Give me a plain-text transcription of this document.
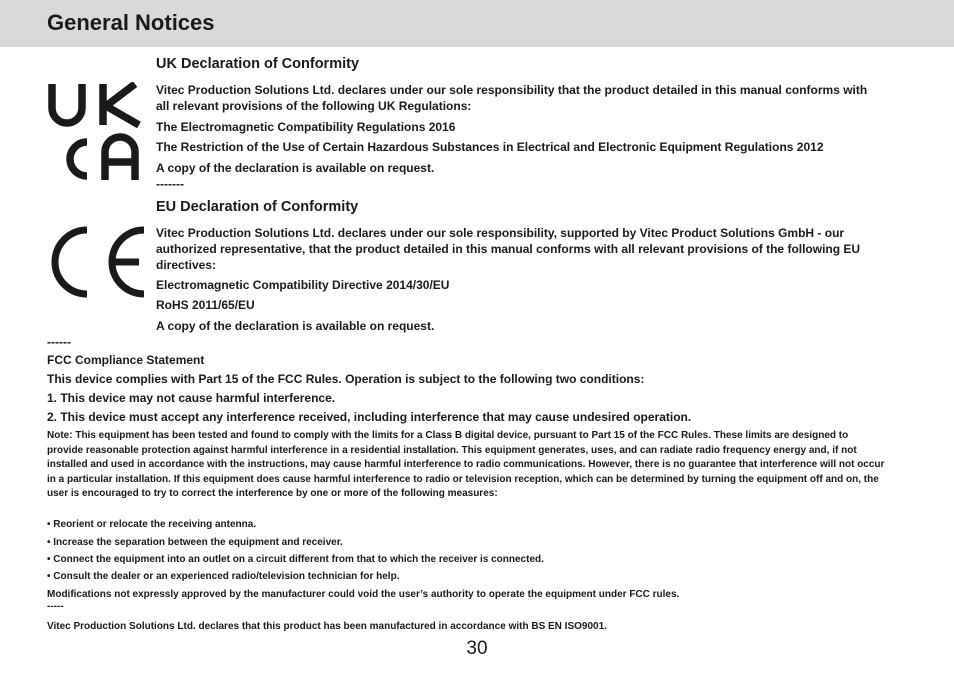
General Notices
UK Declaration of Conformity
Vitec Production Solutions Ltd. declares under our sole responsibility that the product detailed in this manual conforms with all relevant provisions of the following UK Regulations:
The Electromagnetic Compatibility Regulations 2016
The Restriction of the Use of Certain Hazardous Substances in Electrical and Electronic Equipment Regulations 2012
A copy of the declaration is available on request.
-------
EU Declaration of Conformity
Vitec Production Solutions Ltd. declares under our sole responsibility, supported by Vitec Product Solutions GmbH - our authorized representative, that the product detailed in this manual conforms with all relevant provisions of the following EU directives:
Electromagnetic Compatibility Directive 2014/30/EU
RoHS 2011/65/EU
A copy of the declaration is available on request.
------
FCC Compliance Statement
This device complies with Part 15 of the FCC Rules. Operation is subject to the following two conditions:
1. This device may not cause harmful interference.
2. This device must accept any interference received, including interference that may cause undesired operation.
Note: This equipment has been tested and found to comply with the limits for a Class B digital device, pursuant to Part 15 of the FCC Rules. These limits are designed to provide reasonable protection against harmful interference in a residential installation. This equipment generates, uses, and can radiate radio frequency energy and, if not installed and used in accordance with the instructions, may cause harmful interference to radio communications. However, there is no guarantee that interference will not occur in a particular installation. If this equipment does cause harmful interference to radio or television reception, which can be determined by turning the equipment off and on, the user is encouraged to try to correct the interference by one or more of the following measures:
• Reorient or relocate the receiving antenna.
• Increase the separation between the equipment and receiver.
• Connect the equipment into an outlet on a circuit different from that to which the receiver is connected.
• Consult the dealer or an experienced radio/television technician for help.
Modifications not expressly approved by the manufacturer could void the user’s authority to operate the equipment under FCC rules.
-----
Vitec Production Solutions Ltd. declares that this product has been manufactured in accordance with BS EN ISO9001.
30
